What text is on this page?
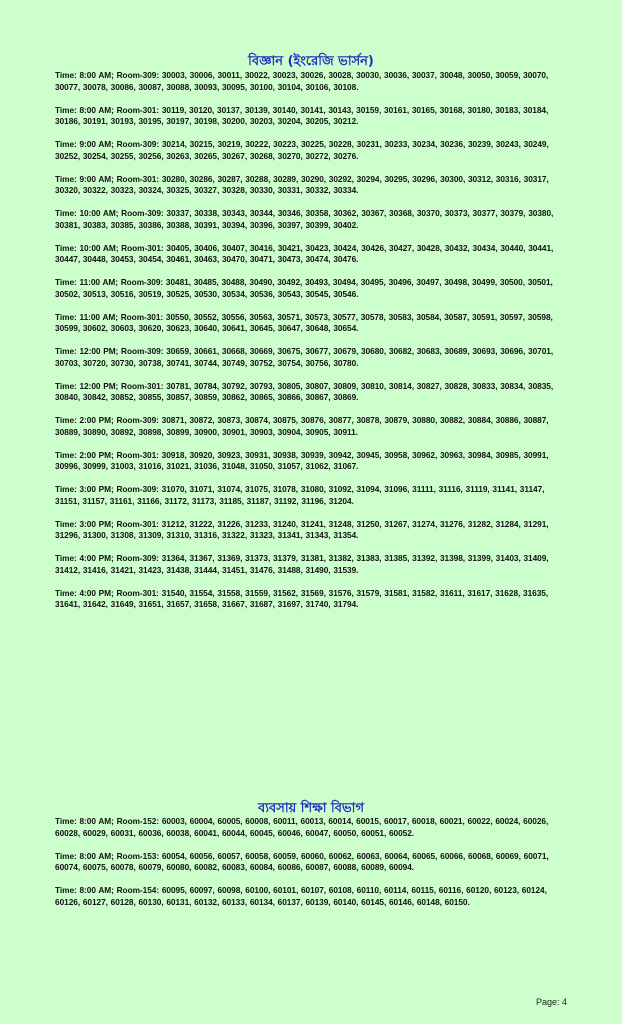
বিজ্ঞান (ইংরেজি ভার্সন)
Time: 8:00 AM; Room-309: 30003, 30006, 30011, 30022, 30023, 30026, 30028, 30030, 30036, 30037, 30048, 30050, 30059, 30070, 30077, 30078, 30086, 30087, 30088, 30093, 30095, 30100, 30104, 30106, 30108.
Time: 8:00 AM; Room-301: 30119, 30120, 30137, 30139, 30140, 30141, 30143, 30159, 30161, 30165, 30168, 30180, 30183, 30184, 30186, 30191, 30193, 30195, 30197, 30198, 30200, 30203, 30204, 30205, 30212.
Time: 9:00 AM; Room-309: 30214, 30215, 30219, 30222, 30223, 30225, 30228, 30231, 30233, 30234, 30236, 30239, 30243, 30249, 30252, 30254, 30255, 30256, 30263, 30265, 30267, 30268, 30270, 30272, 30276.
Time: 9:00 AM; Room-301: 30280, 30286, 30287, 30288, 30289, 30290, 30292, 30294, 30295, 30296, 30300, 30312, 30316, 30317, 30320, 30322, 30323, 30324, 30325, 30327, 30328, 30330, 30331, 30332, 30334.
Time: 10:00 AM; Room-309: 30337, 30338, 30343, 30344, 30346, 30358, 30362, 30367, 30368, 30370, 30373, 30377, 30379, 30380, 30381, 30383, 30385, 30386, 30388, 30391, 30394, 30396, 30397, 30399, 30402.
Time: 10:00 AM; Room-301: 30405, 30406, 30407, 30416, 30421, 30423, 30424, 30426, 30427, 30428, 30432, 30434, 30440, 30441, 30447, 30448, 30453, 30454, 30461, 30463, 30470, 30471, 30473, 30474, 30476.
Time: 11:00 AM; Room-309: 30481, 30485, 30488, 30490, 30492, 30493, 30494, 30495, 30496, 30497, 30498, 30499, 30500, 30501, 30502, 30513, 30516, 30519, 30525, 30530, 30534, 30536, 30543, 30545, 30546.
Time: 11:00 AM; Room-301: 30550, 30552, 30556, 30563, 30571, 30573, 30577, 30578, 30583, 30584, 30587, 30591, 30597, 30598, 30599, 30602, 30603, 30620, 30623, 30640, 30641, 30645, 30647, 30648, 30654.
Time: 12:00 PM; Room-309: 30659, 30661, 30668, 30669, 30675, 30677, 30679, 30680, 30682, 30683, 30689, 30693, 30696, 30701, 30703, 30720, 30730, 30738, 30741, 30744, 30749, 30752, 30754, 30756, 30780.
Time: 12:00 PM; Room-301: 30781, 30784, 30792, 30793, 30805, 30807, 30809, 30810, 30814, 30827, 30828, 30833, 30834, 30835, 30840, 30842, 30852, 30855, 30857, 30859, 30862, 30865, 30866, 30867, 30869.
Time: 2:00 PM; Room-309: 30871, 30872, 30873, 30874, 30875, 30876, 30877, 30878, 30879, 30880, 30882, 30884, 30886, 30887, 30889, 30890, 30892, 30898, 30899, 30900, 30901, 30903, 30904, 30905, 30911.
Time: 2:00 PM; Room-301: 30918, 30920, 30923, 30931, 30938, 30939, 30942, 30945, 30958, 30962, 30963, 30984, 30985, 30991, 30996, 30999, 31003, 31016, 31021, 31036, 31048, 31050, 31057, 31062, 31067.
Time: 3:00 PM; Room-309: 31070, 31071, 31074, 31075, 31078, 31080, 31092, 31094, 31096, 31111, 31116, 31119, 31141, 31147, 31151, 31157, 31161, 31166, 31172, 31173, 31185, 31187, 31192, 31196, 31204.
Time: 3:00 PM; Room-301: 31212, 31222, 31226, 31233, 31240, 31241, 31248, 31250, 31267, 31274, 31276, 31282, 31284, 31291, 31296, 31300, 31308, 31309, 31310, 31316, 31322, 31323, 31341, 31343, 31354.
Time: 4:00 PM; Room-309: 31364, 31367, 31369, 31373, 31379, 31381, 31382, 31383, 31385, 31392, 31398, 31399, 31403, 31409, 31412, 31416, 31421, 31423, 31438, 31444, 31451, 31476, 31488, 31490, 31539.
Time: 4:00 PM; Room-301: 31540, 31554, 31558, 31559, 31562, 31569, 31576, 31579, 31581, 31582, 31611, 31617, 31628, 31635, 31641, 31642, 31649, 31651, 31657, 31658, 31667, 31687, 31697, 31740, 31794.
ব্যবসায় শিক্ষা বিভাগ
Time: 8:00 AM; Room-152: 60003, 60004, 60005, 60008, 60011, 60013, 60014, 60015, 60017, 60018, 60021, 60022, 60024, 60026, 60028, 60029, 60031, 60036, 60038, 60041, 60044, 60045, 60046, 60047, 60050, 60051, 60052.
Time: 8:00 AM; Room-153: 60054, 60056, 60057, 60058, 60059, 60060, 60062, 60063, 60064, 60065, 60066, 60068, 60069, 60071, 60074, 60075, 60078, 60079, 60080, 60082, 60083, 60084, 60086, 60087, 60088, 60089, 60094.
Time: 8:00 AM; Room-154: 60095, 60097, 60098, 60100, 60101, 60107, 60108, 60110, 60114, 60115, 60116, 60120, 60123, 60124, 60126, 60127, 60128, 60130, 60131, 60132, 60133, 60134, 60137, 60139, 60140, 60145, 60146, 60148, 60150.
Page: 4
